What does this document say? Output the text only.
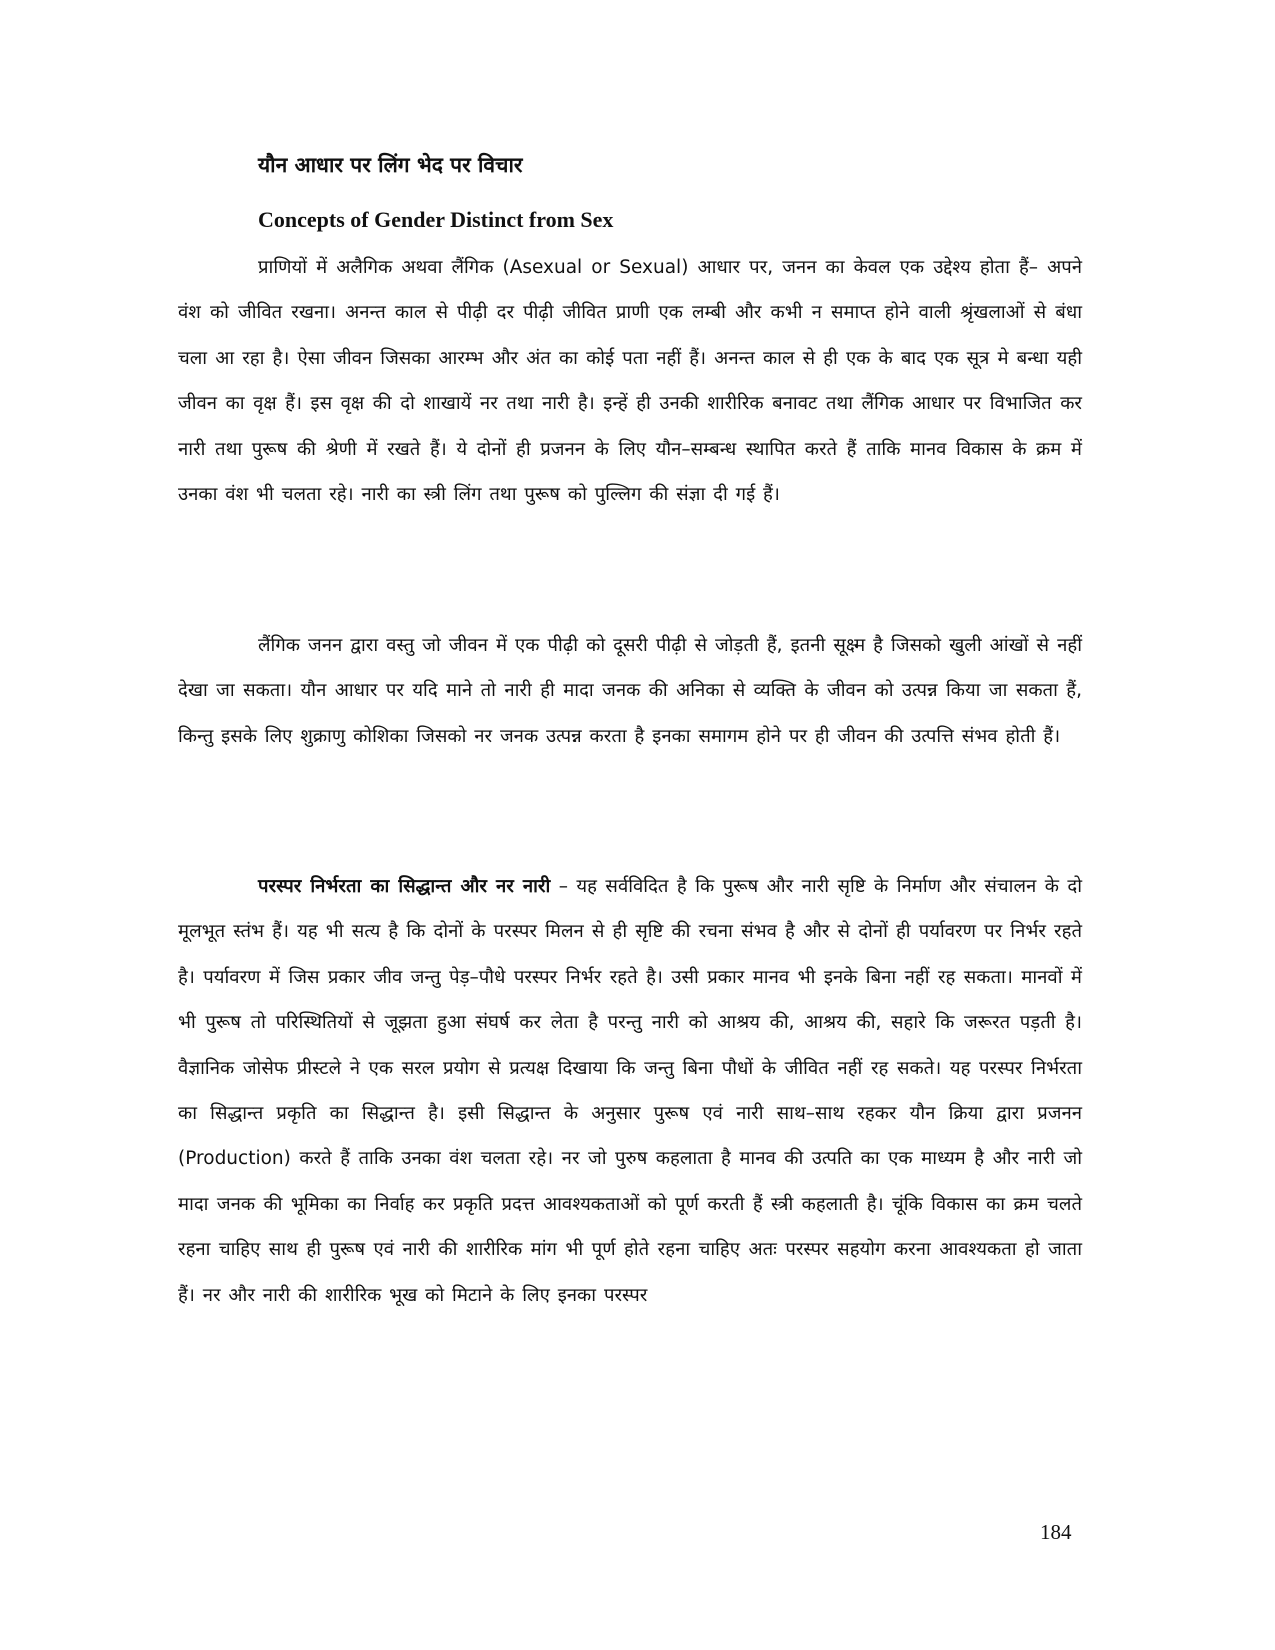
यौन आधार पर लिंग भेद पर विचार
Concepts of Gender Distinct from Sex

प्राणियों में अलैगिक अथवा लैंगिक (Asexual or Sexual) आधार पर, जनन का केवल एक उद्देश्य होता हैं– अपने वंश को जीवित रखना। अनन्त काल से पीढ़ी दर पीढ़ी जीवित प्राणी एक लम्बी और कभी न समाप्त होने वाली श्रृंखलाओं से बंधा चला आ रहा है। ऐसा जीवन जिसका आरम्भ और अंत का कोई पता नहीं हैं। अनन्त काल से ही एक के बाद एक सूत्र मे बन्धा यही जीवन का वृक्ष हैं। इस वृक्ष की दो शाखायें नर तथा नारी है। इन्हें ही उनकी शारीरिक बनावट तथा लैंगिक आधार पर विभाजित कर नारी तथा पुरूष की श्रेणी में रखते हैं। ये दोनों ही प्रजनन के लिए यौन–सम्बन्ध स्थापित करते हैं ताकि मानव विकास के क्रम में उनका वंश भी चलता रहे। नारी का स्त्री लिंग तथा पुरूष को पुल्लिग की संज्ञा दी गई हैं।

लैंगिक जनन द्वारा वस्तु जो जीवन में एक पीढ़ी को दूसरी पीढ़ी से जोड़ती हैं, इतनी सूक्ष्म है जिसको खुली आंखों से नहीं देखा जा सकता। यौन आधार पर यदि माने तो नारी ही मादा जनक की अनिका से व्यक्ति के जीवन को उत्पन्न किया जा सकता हैं, किन्तु इसके लिए शुक्राणु कोशिका जिसको नर जनक उत्पन्न करता है इनका समागम होने पर ही जीवन की उत्पत्ति संभव होती हैं।

परस्पर निर्भरता का सिद्धान्त और नर नारी – यह सर्वविदित है कि पुरूष और नारी सृष्टि के निर्माण और संचालन के दो मूलभूत स्तंभ हैं। यह भी सत्य है कि दोनों के परस्पर मिलन से ही सृष्टि की रचना संभव है और से दोनों ही पर्यावरण पर निर्भर रहते है। पर्यावरण में जिस प्रकार जीव जन्तु पेड़–पौधे परस्पर निर्भर रहते है। उसी प्रकार मानव भी इनके बिना नहीं रह सकता। मानवों में भी पुरूष तो परिस्थितियों से जूझता हुआ संघर्ष कर लेता है परन्तु नारी को आश्रय की, आश्रय की, सहारे कि जरूरत पड़ती है। वैज्ञानिक जोसेफ प्रीस्टले ने एक सरल प्रयोग से प्रत्यक्ष दिखाया कि जन्तु बिना पौधों के जीवित नहीं रह सकते। यह परस्पर निर्भरता का सिद्धान्त प्रकृति का सिद्धान्त है। इसी सिद्धान्त के अनुसार पुरूष एवं नारी साथ–साथ रहकर यौन क्रिया द्वारा प्रजनन (Production) करते हैं ताकि उनका वंश चलता रहे। नर जो पुरुष कहलाता है मानव की उत्पति का एक माध्यम है और नारी जो मादा जनक की भूमिका का निर्वाह कर प्रकृति प्रदत्त आवश्यकताओं को पूर्ण करती हैं स्त्री कहलाती है। चूंकि विकास का क्रम चलते रहना चाहिए साथ ही पुरूष एवं नारी की शारीरिक मांग भी पूर्ण होते रहना चाहिए अतः परस्पर सहयोग करना आवश्यकता हो जाता हैं। नर और नारी की शारीरिक भूख को मिटाने के लिए इनका परस्पर

184
